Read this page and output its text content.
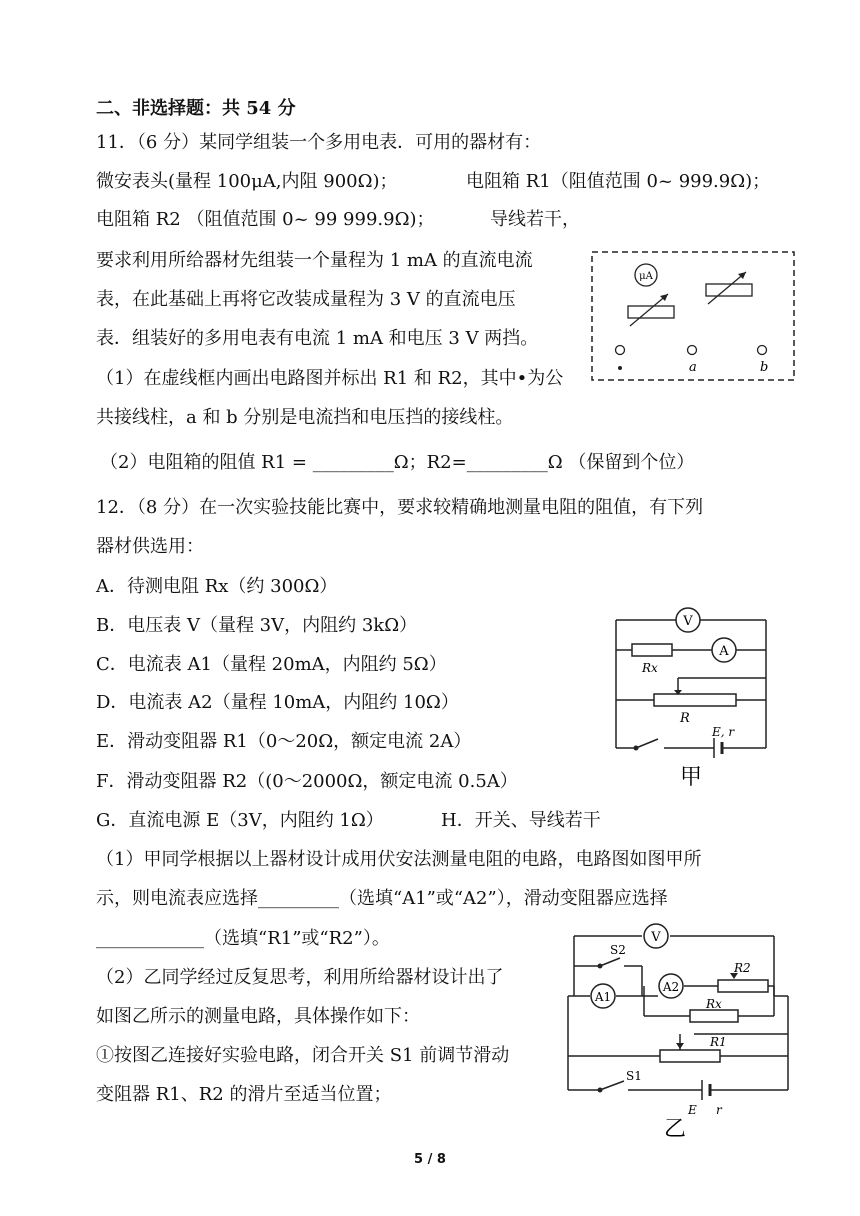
二、非选择题：共 54 分
11．（6 分）某同学组装一个多用电表．可用的器材有：
微安表头(量程 100μA,内阻 900Ω)；	电阻箱 R1（阻值范围 0~ 999.9Ω)；
电阻箱 R2 （阻值范围 0~ 99 999.9Ω)；	导线若干，
要求利用所给器材先组装一个量程为 1 mA 的直流电流
表，在此基础上再将它改装成量程为 3 V 的直流电压
表．组装好的多用电表有电流 1 mA 和电压 3 V 两挡。
（1）在虚线框内画出电路图并标出 R1 和 R2，其中•为公
共接线柱，a 和 b 分别是电流挡和电压挡的接线柱。
（2）电阻箱的阻值 R1 = _________Ω；R2=_________Ω （保留到个位）
μA
a	b
12．（8 分）在一次实验技能比赛中，要求较精确地测量电阻的阻值，有下列
器材供选用：
A．待测电阻 Rx（约 300Ω）
B．电压表 V（量程 3V，内阻约 3kΩ）
C．电流表 A1（量程 20mA，内阻约 5Ω）
D．电流表 A2（量程 10mA，内阻约 10Ω）
E．滑动变阻器 R1（0～20Ω，额定电流 2A）
F．滑动变阻器 R2（(0～2000Ω，额定电流 0.5A）
G．直流电源 E（3V，内阻约 1Ω）	H．开关、导线若干
（1）甲同学根据以上器材设计成用伏安法测量电阻的电路，电路图如图甲所
示，则电流表应选择_________（选填“A1”或“A2”），滑动变阻器应选择
____________（选填“R1”或“R2”）。
（2）乙同学经过反复思考，利用所给器材设计出了
如图乙所示的测量电路，具体操作如下：
①按图乙连接好实验电路，闭合开关 S1 前调节滑动
变阻器 R1、R2 的滑片至适当位置；
V
Rx
A
R
E, r
甲
V
S2
A1
A2
R2
Rx
R1
S1
E r
乙
5 / 8
